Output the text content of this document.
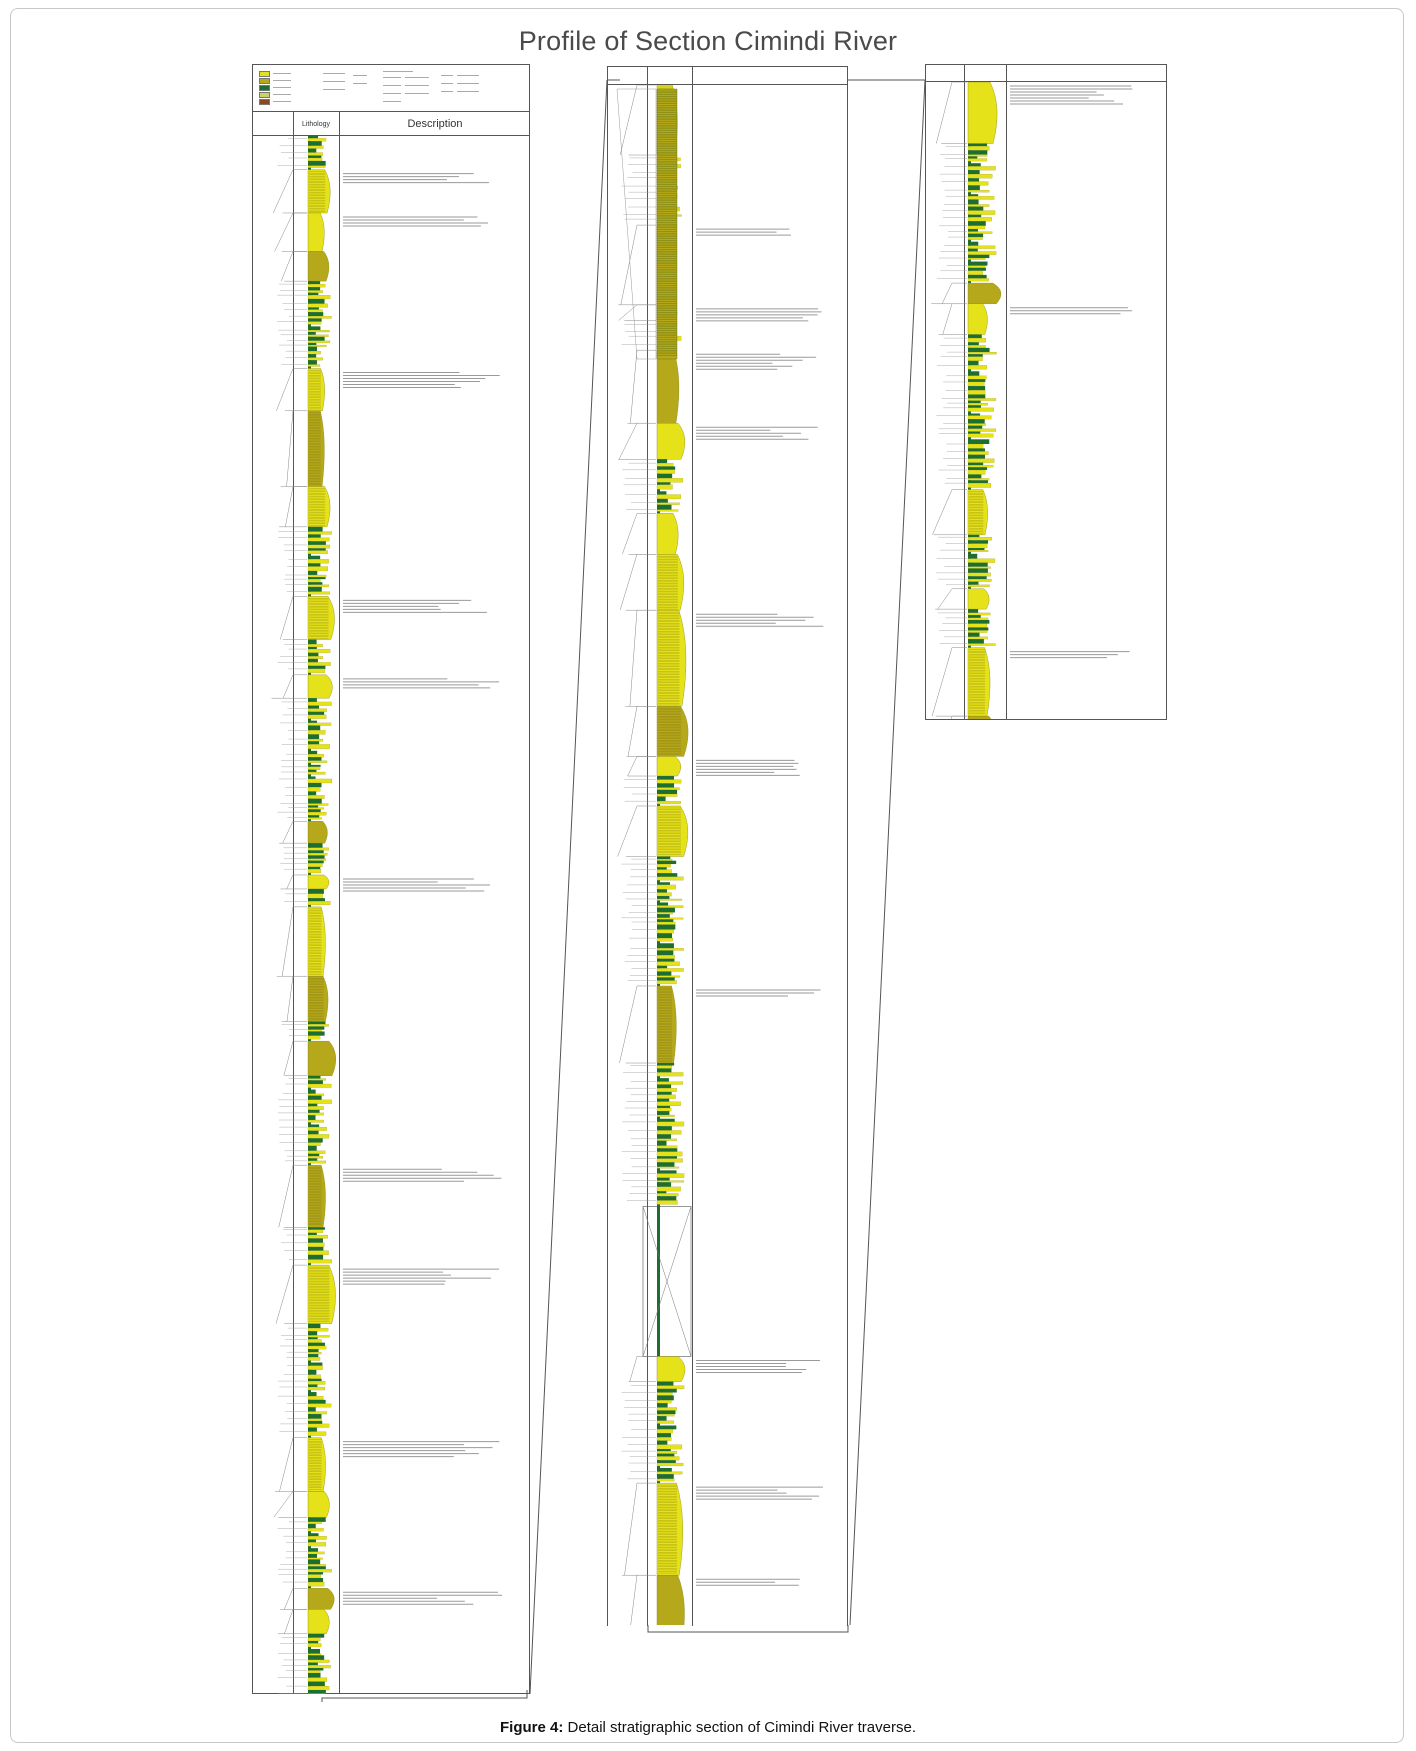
Profile of Section Cimindi River
Lithology	Description
Figure 4: Detail stratigraphic section of Cimindi River traverse.
